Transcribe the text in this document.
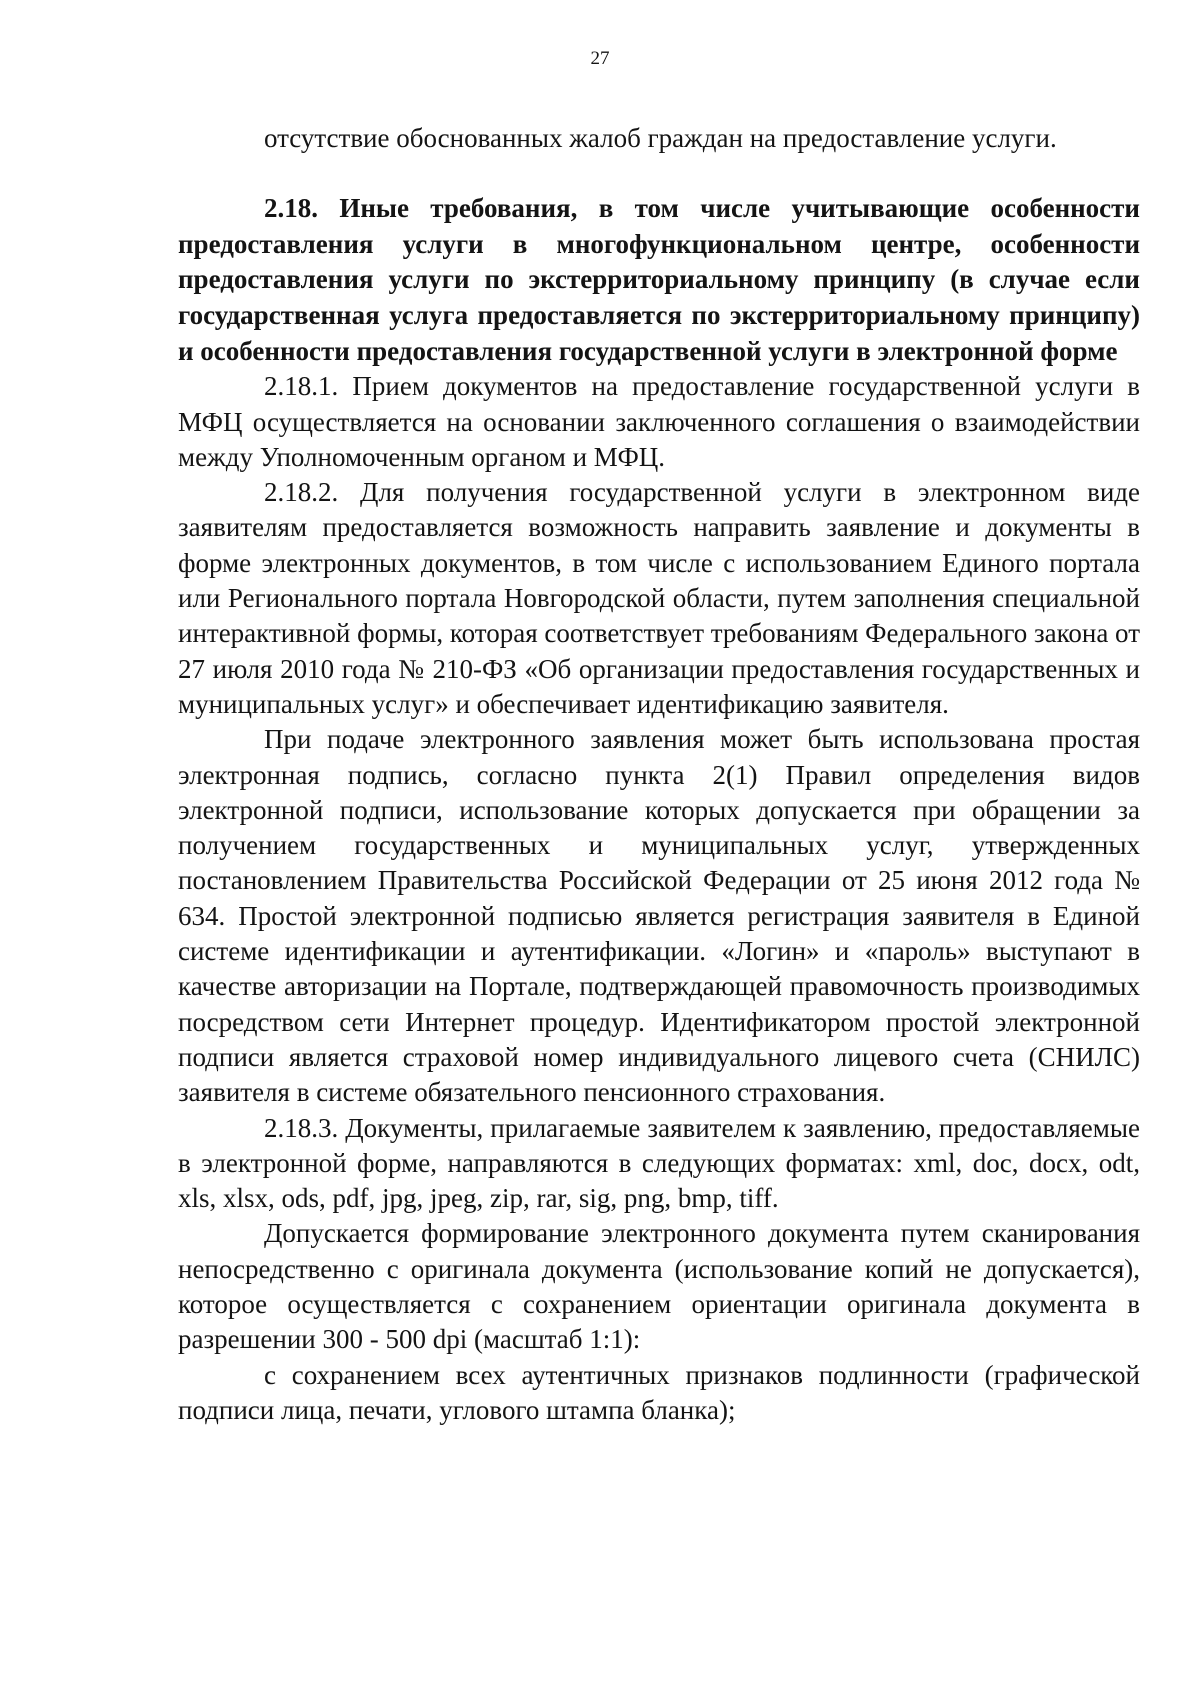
27

отсутствие обоснованных жалоб граждан на предоставление услуги.

2.18. Иные требования, в том числе учитывающие особенности предоставления услуги в многофункциональном центре, особенности предоставления услуги по экстерриториальному принципу (в случае если государственная услуга предоставляется по экстерриториальному принципу) и особенности предоставления государственной услуги в электронной форме

2.18.1. Прием документов на предоставление государственной услуги в МФЦ осуществляется на основании заключенного соглашения о взаимодействии между Уполномоченным органом и МФЦ.

2.18.2. Для получения государственной услуги в электронном виде заявителям предоставляется возможность направить заявление и документы в форме электронных документов, в том числе с использованием Единого портала или Регионального портала Новгородской области, путем заполнения специальной интерактивной формы, которая соответствует требованиям Федерального закона от 27 июля 2010 года № 210-ФЗ «Об организации предоставления государственных и муниципальных услуг» и обеспечивает идентификацию заявителя.

При подаче электронного заявления может быть использована простая электронная подпись, согласно пункта 2(1) Правил определения видов электронной подписи, использование которых допускается при обращении за получением государственных и муниципальных услуг, утвержденных постановлением Правительства Российской Федерации от 25 июня 2012 года № 634. Простой электронной подписью является регистрация заявителя в Единой системе идентификации и аутентификации. «Логин» и «пароль» выступают в качестве авторизации на Портале, подтверждающей правомочность производимых посредством сети Интернет процедур. Идентификатором простой электронной подписи является страховой номер индивидуального лицевого счета (СНИЛС) заявителя в системе обязательного пенсионного страхования.

2.18.3. Документы, прилагаемые заявителем к заявлению, предоставляемые в электронной форме, направляются в следующих форматах: xml, doc, docx, odt, xls, xlsx, ods, pdf, jpg, jpeg, zip, rar, sig, png, bmp, tiff.

Допускается формирование электронного документа путем сканирования непосредственно с оригинала документа (использование копий не допускается), которое осуществляется с сохранением ориентации оригинала документа в разрешении 300 - 500 dpi (масштаб 1:1):

с сохранением всех аутентичных признаков подлинности (графической подписи лица, печати, углового штампа бланка);
